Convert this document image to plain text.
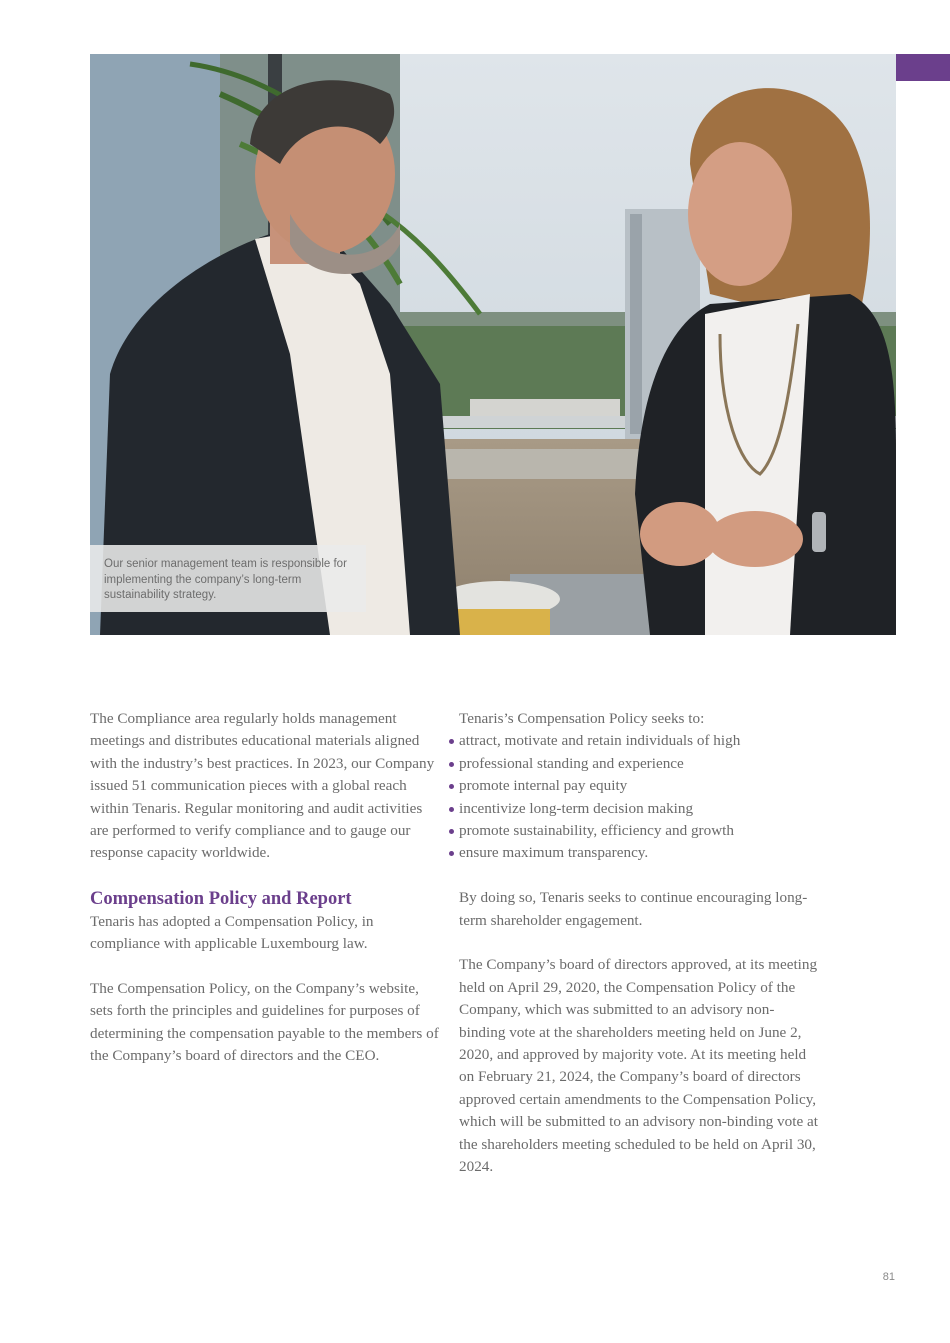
Our senior management team is responsible for implementing the company’s long-term sustainability strategy.

The Compliance area regularly holds management meetings and distributes educational materials aligned with the industry’s best practices. In 2023, our Company issued 51 communication pieces with a global reach within Tenaris. Regular monitoring and audit activities are performed to verify compliance and to gauge our response capacity worldwide.

Compensation Policy and Report

Tenaris has adopted a Compensation Policy, in compliance with applicable Luxembourg law.

The Compensation Policy, on the Company’s website, sets forth the principles and guidelines for purposes of determining the compensation payable to the members of the Company’s board of directors and the CEO.

Tenaris’s Compensation Policy seeks to:

attract, motivate and retain individuals of high
professional standing and experience
promote internal pay equity
incentivize long-term decision making
promote sustainability, efficiency and growth
ensure maximum transparency.

By doing so, Tenaris seeks to continue encouraging long-term shareholder engagement.

The Company’s board of directors approved, at its meeting held on April 29, 2020, the Compensation Policy of the Company, which was submitted to an advisory non-binding vote at the shareholders meeting held on June 2, 2020, and approved by majority vote. At its meeting held on February 21, 2024, the Company’s board of directors approved certain amendments to the Compensation Policy, which will be submitted to an advisory non-binding vote at the shareholders meeting scheduled to be held on April 30, 2024.

81
